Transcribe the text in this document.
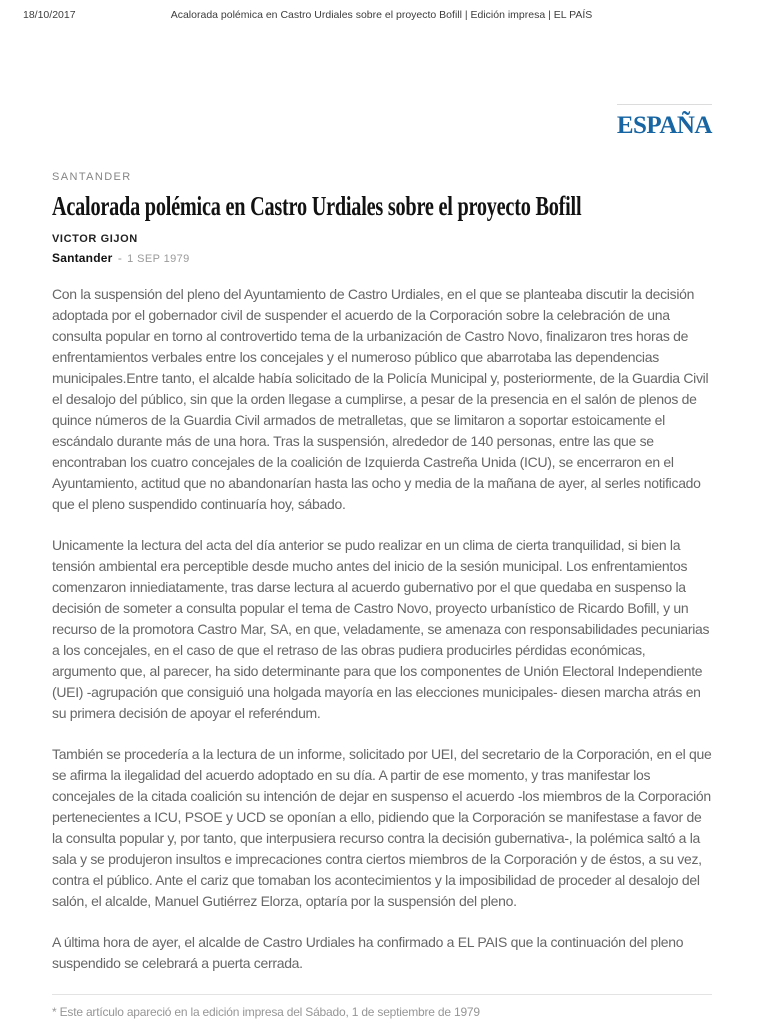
18/10/2017	Acalorada polémica en Castro Urdiales sobre el proyecto Bofill | Edición impresa | EL PAÍS
ESPAÑA
SANTANDER
Acalorada polémica en Castro Urdiales sobre el proyecto Bofill
VICTOR GIJON
Santander - 1 SEP 1979

Con la suspensión del pleno del Ayuntamiento de Castro Urdiales, en el que se planteaba discutir la decisión adoptada por el gobernador civil de suspender el acuerdo de la Corporación sobre la celebración de una consulta popular en torno al controvertido tema de la urbanización de Castro Novo, finalizaron tres horas de enfrentamientos verbales entre los concejales y el numeroso público que abarrotaba las dependencias municipales.Entre tanto, el alcalde había solicitado de la Policía Municipal y, posteriormente, de la Guardia Civil el desalojo del público, sin que la orden llegase a cumplirse, a pesar de la presencia en el salón de plenos de quince números de la Guardia Civil armados de metralletas, que se limitaron a soportar estoicamente el escándalo durante más de una hora. Tras la suspensión, alrededor de 140 personas, entre las que se encontraban los cuatro concejales de la coalición de Izquierda Castreña Unida (ICU), se encerraron en el Ayuntamiento, actitud que no abandonarían hasta las ocho y media de la mañana de ayer, al serles notificado que el pleno suspendido continuaría hoy, sábado.

Unicamente la lectura del acta del día anterior se pudo realizar en un clima de cierta tranquilidad, si bien la tensión ambiental era perceptible desde mucho antes del inicio de la sesión municipal. Los enfrentamientos comenzaron inniediatamente, tras darse lectura al acuerdo gubernativo por el que quedaba en suspenso la decisión de someter a consulta popular el tema de Castro Novo, proyecto urbanístico de Ricardo Bofill, y un recurso de la promotora Castro Mar, SA, en que, veladamente, se amenaza con responsabilidades pecuniarias a los concejales, en el caso de que el retraso de las obras pudiera producirles pérdidas económicas, argumento que, al parecer, ha sido determinante para que los componentes de Unión Electoral Independiente (UEI) -agrupación que consiguió una holgada mayoría en las elecciones municipales- diesen marcha atrás en su primera decisión de apoyar el referéndum.

También se procedería a la lectura de un informe, solicitado por UEI, del secretario de la Corporación, en el que se afirma la ilegalidad del acuerdo adoptado en su día. A partir de ese momento, y tras manifestar los concejales de la citada coalición su intención de dejar en suspenso el acuerdo -los miembros de la Corporación pertenecientes a ICU, PSOE y UCD se oponían a ello, pidiendo que la Corporación se manifestase a favor de la consulta popular y, por tanto, que interpusiera recurso contra la decisión gubernativa-, la polémica saltó a la sala y se produjeron insultos e imprecaciones contra ciertos miembros de la Corporación y de éstos, a su vez, contra el público. Ante el cariz que tomaban los acontecimientos y la imposibilidad de proceder al desalojo del salón, el alcalde, Manuel Gutiérrez Elorza, optaría por la suspensión del pleno.

A última hora de ayer, el alcalde de Castro Urdiales ha confirmado a EL PAIS que la continuación del pleno suspendido se celebrará a puerta cerrada.

* Este artículo apareció en la edición impresa del Sábado, 1 de septiembre de 1979
